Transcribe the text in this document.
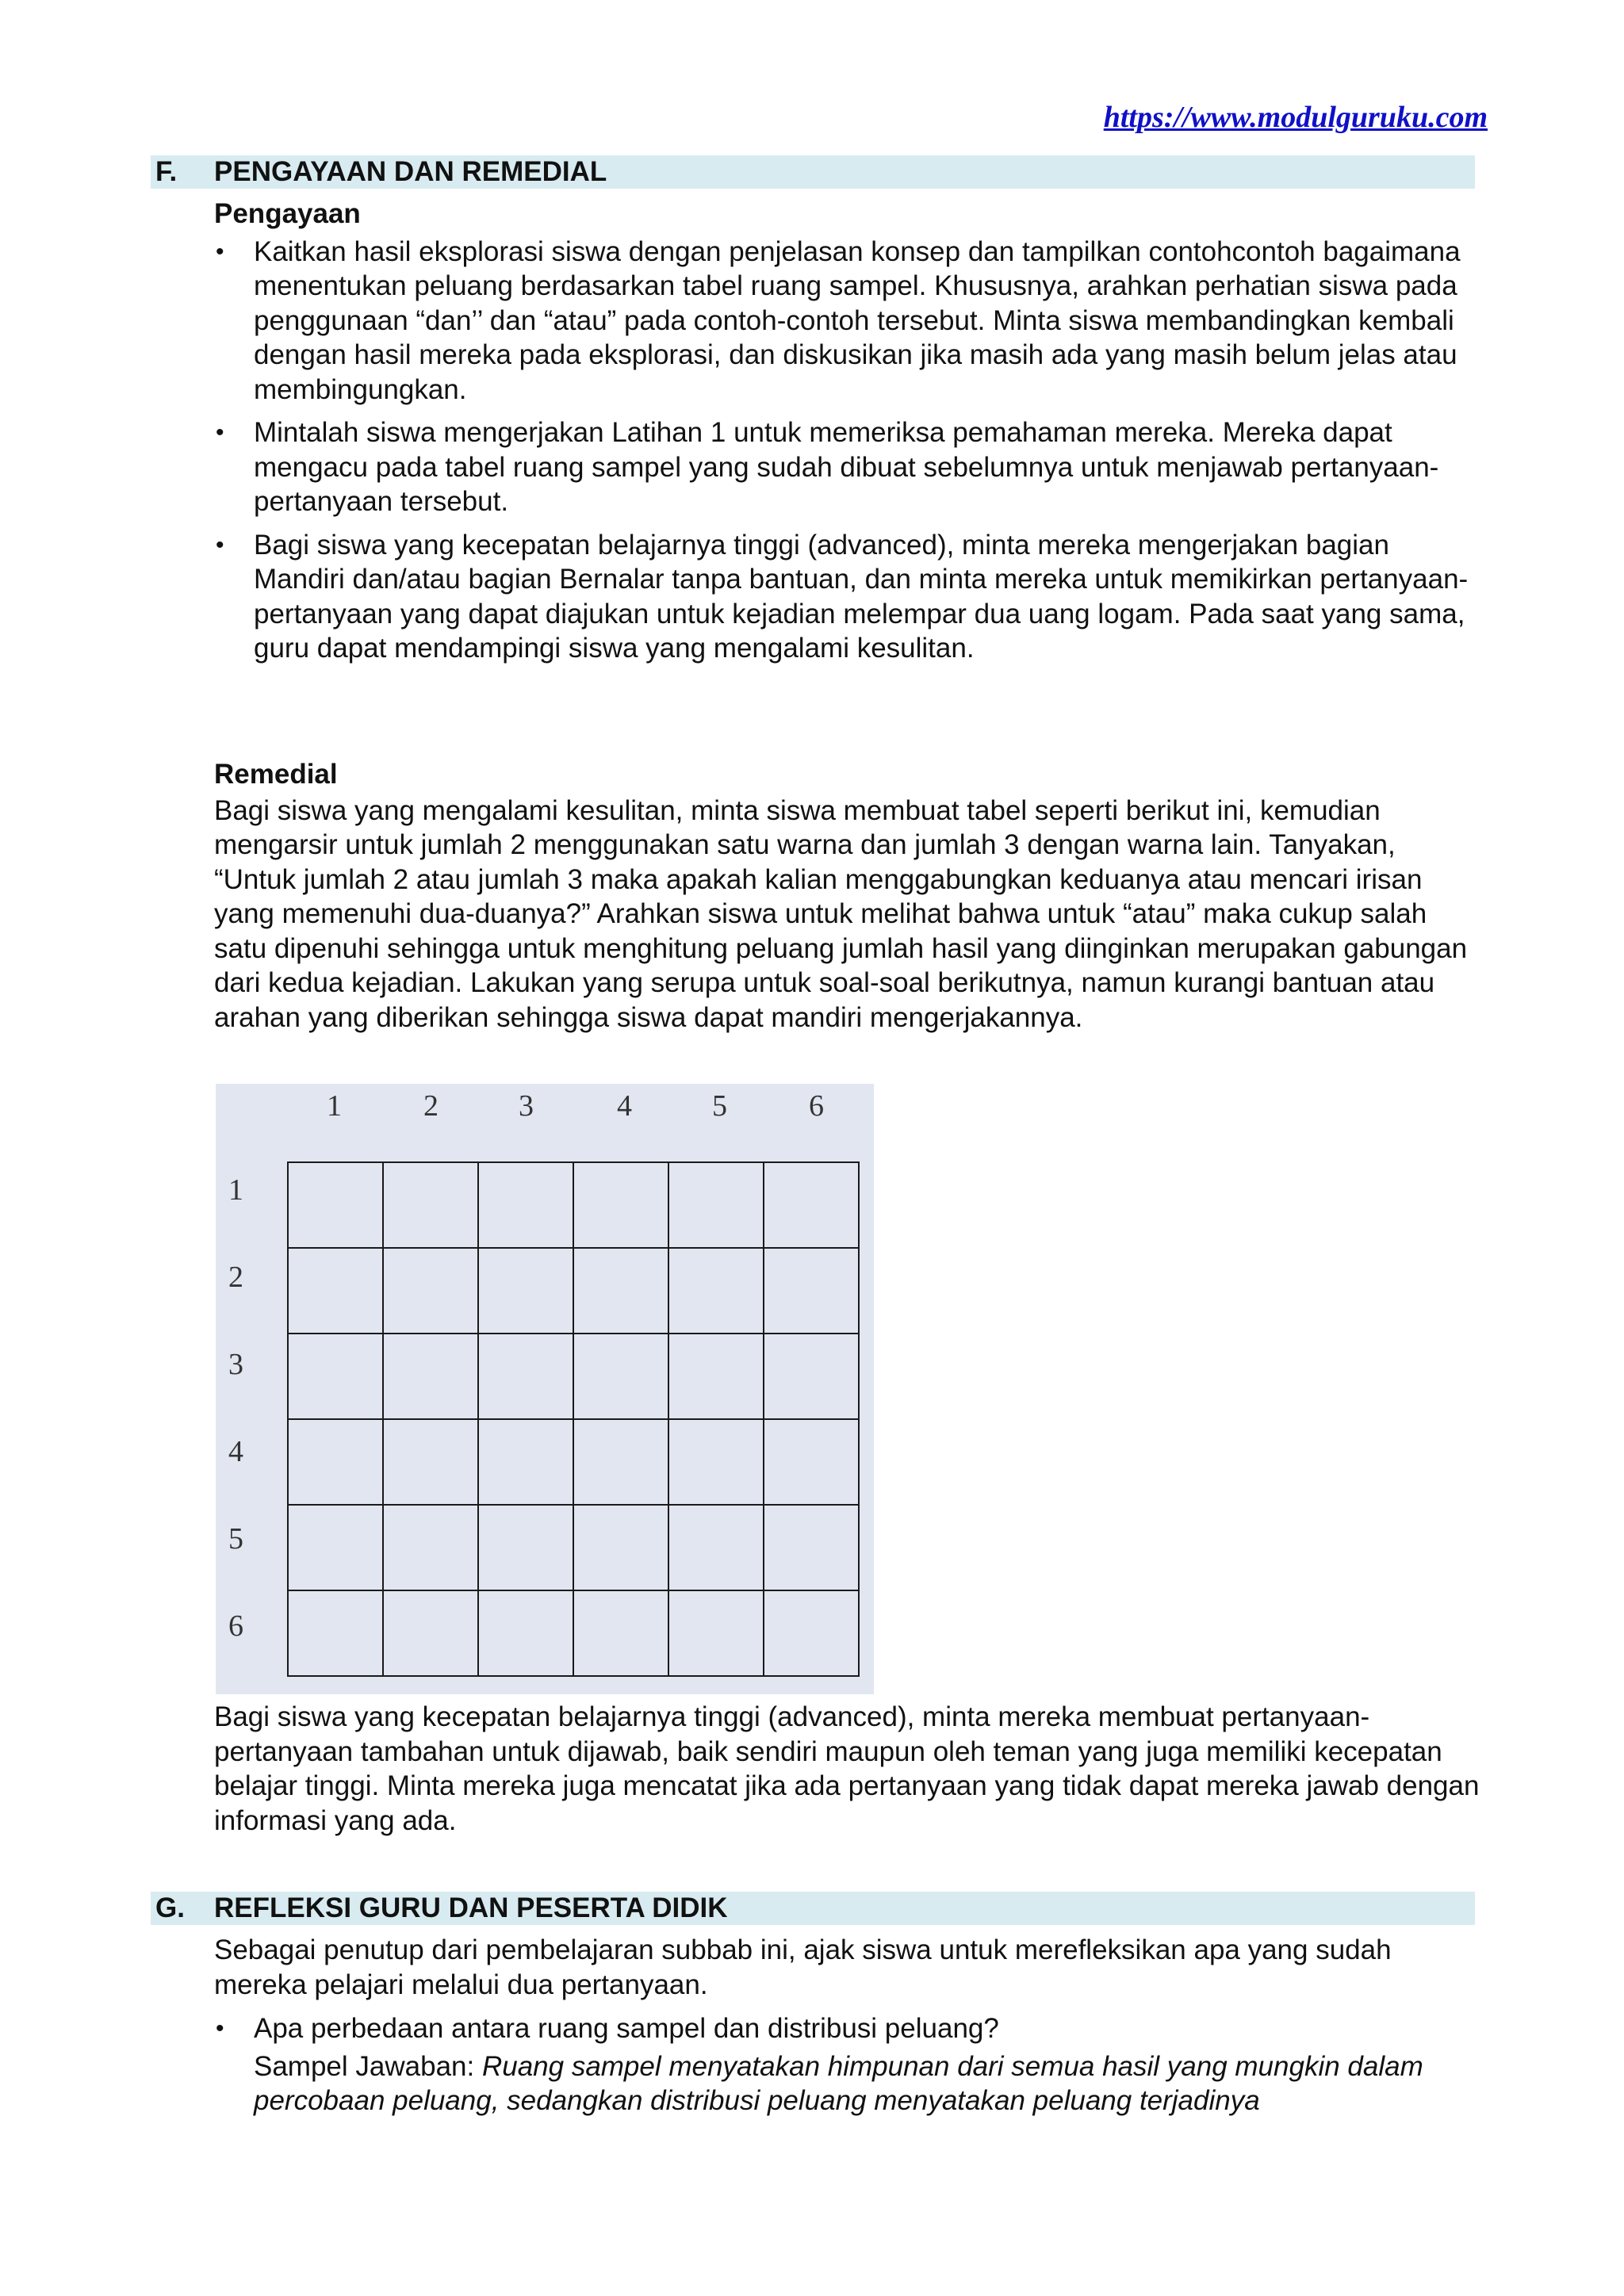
https://www.modulguruku.com
F. PENGAYAAN DAN REMEDIAL
Pengayaan
• Kaitkan hasil eksplorasi siswa dengan penjelasan konsep dan tampilkan contohcontoh bagaimana menentukan peluang berdasarkan tabel ruang sampel. Khususnya, arahkan perhatian siswa pada penggunaan “dan’’ dan “atau” pada contoh-contoh tersebut. Minta siswa membandingkan kembali dengan hasil mereka pada eksplorasi, dan diskusikan jika masih ada yang masih belum jelas atau membingungkan.
• Mintalah siswa mengerjakan Latihan 1 untuk memeriksa pemahaman mereka. Mereka dapat mengacu pada tabel ruang sampel yang sudah dibuat sebelumnya untuk menjawab pertanyaan-pertanyaan tersebut.
• Bagi siswa yang kecepatan belajarnya tinggi (advanced), minta mereka mengerjakan bagian Mandiri dan/atau bagian Bernalar tanpa bantuan, dan minta mereka untuk memikirkan pertanyaan-pertanyaan yang dapat diajukan untuk kejadian melempar dua uang logam. Pada saat yang sama, guru dapat mendampingi siswa yang mengalami kesulitan.
Remedial

Bagi siswa yang mengalami kesulitan, minta siswa membuat tabel seperti berikut ini, kemudian mengarsir untuk jumlah 2 menggunakan satu warna dan jumlah 3 dengan warna lain. Tanyakan, “Untuk jumlah 2 atau jumlah 3 maka apakah kalian menggabungkan keduanya atau mencari irisan yang memenuhi dua-duanya?” Arahkan siswa untuk melihat bahwa untuk “atau” maka cukup salah satu dipenuhi sehingga untuk menghitung peluang jumlah hasil yang diinginkan merupakan gabungan dari kedua kejadian. Lakukan yang serupa untuk soal-soal berikutnya, namun kurangi bantuan atau arahan yang diberikan sehingga siswa dapat mandiri mengerjakannya.

1	2	3	4	5	6
1
2
3
4
5
6

Bagi siswa yang kecepatan belajarnya tinggi (advanced), minta mereka membuat pertanyaan-pertanyaan tambahan untuk dijawab, baik sendiri maupun oleh teman yang juga memiliki kecepatan belajar tinggi. Minta mereka juga mencatat jika ada pertanyaan yang tidak dapat mereka jawab dengan informasi yang ada.

G. REFLEKSI GURU DAN PESERTA DIDIK

Sebagai penutup dari pembelajaran subbab ini, ajak siswa untuk merefleksikan apa yang sudah mereka pelajari melalui dua pertanyaan.

• Apa perbedaan antara ruang sampel dan distribusi peluang?
Sampel Jawaban: Ruang sampel menyatakan himpunan dari semua hasil yang mungkin dalam percobaan peluang, sedangkan distribusi peluang menyatakan peluang terjadinya
